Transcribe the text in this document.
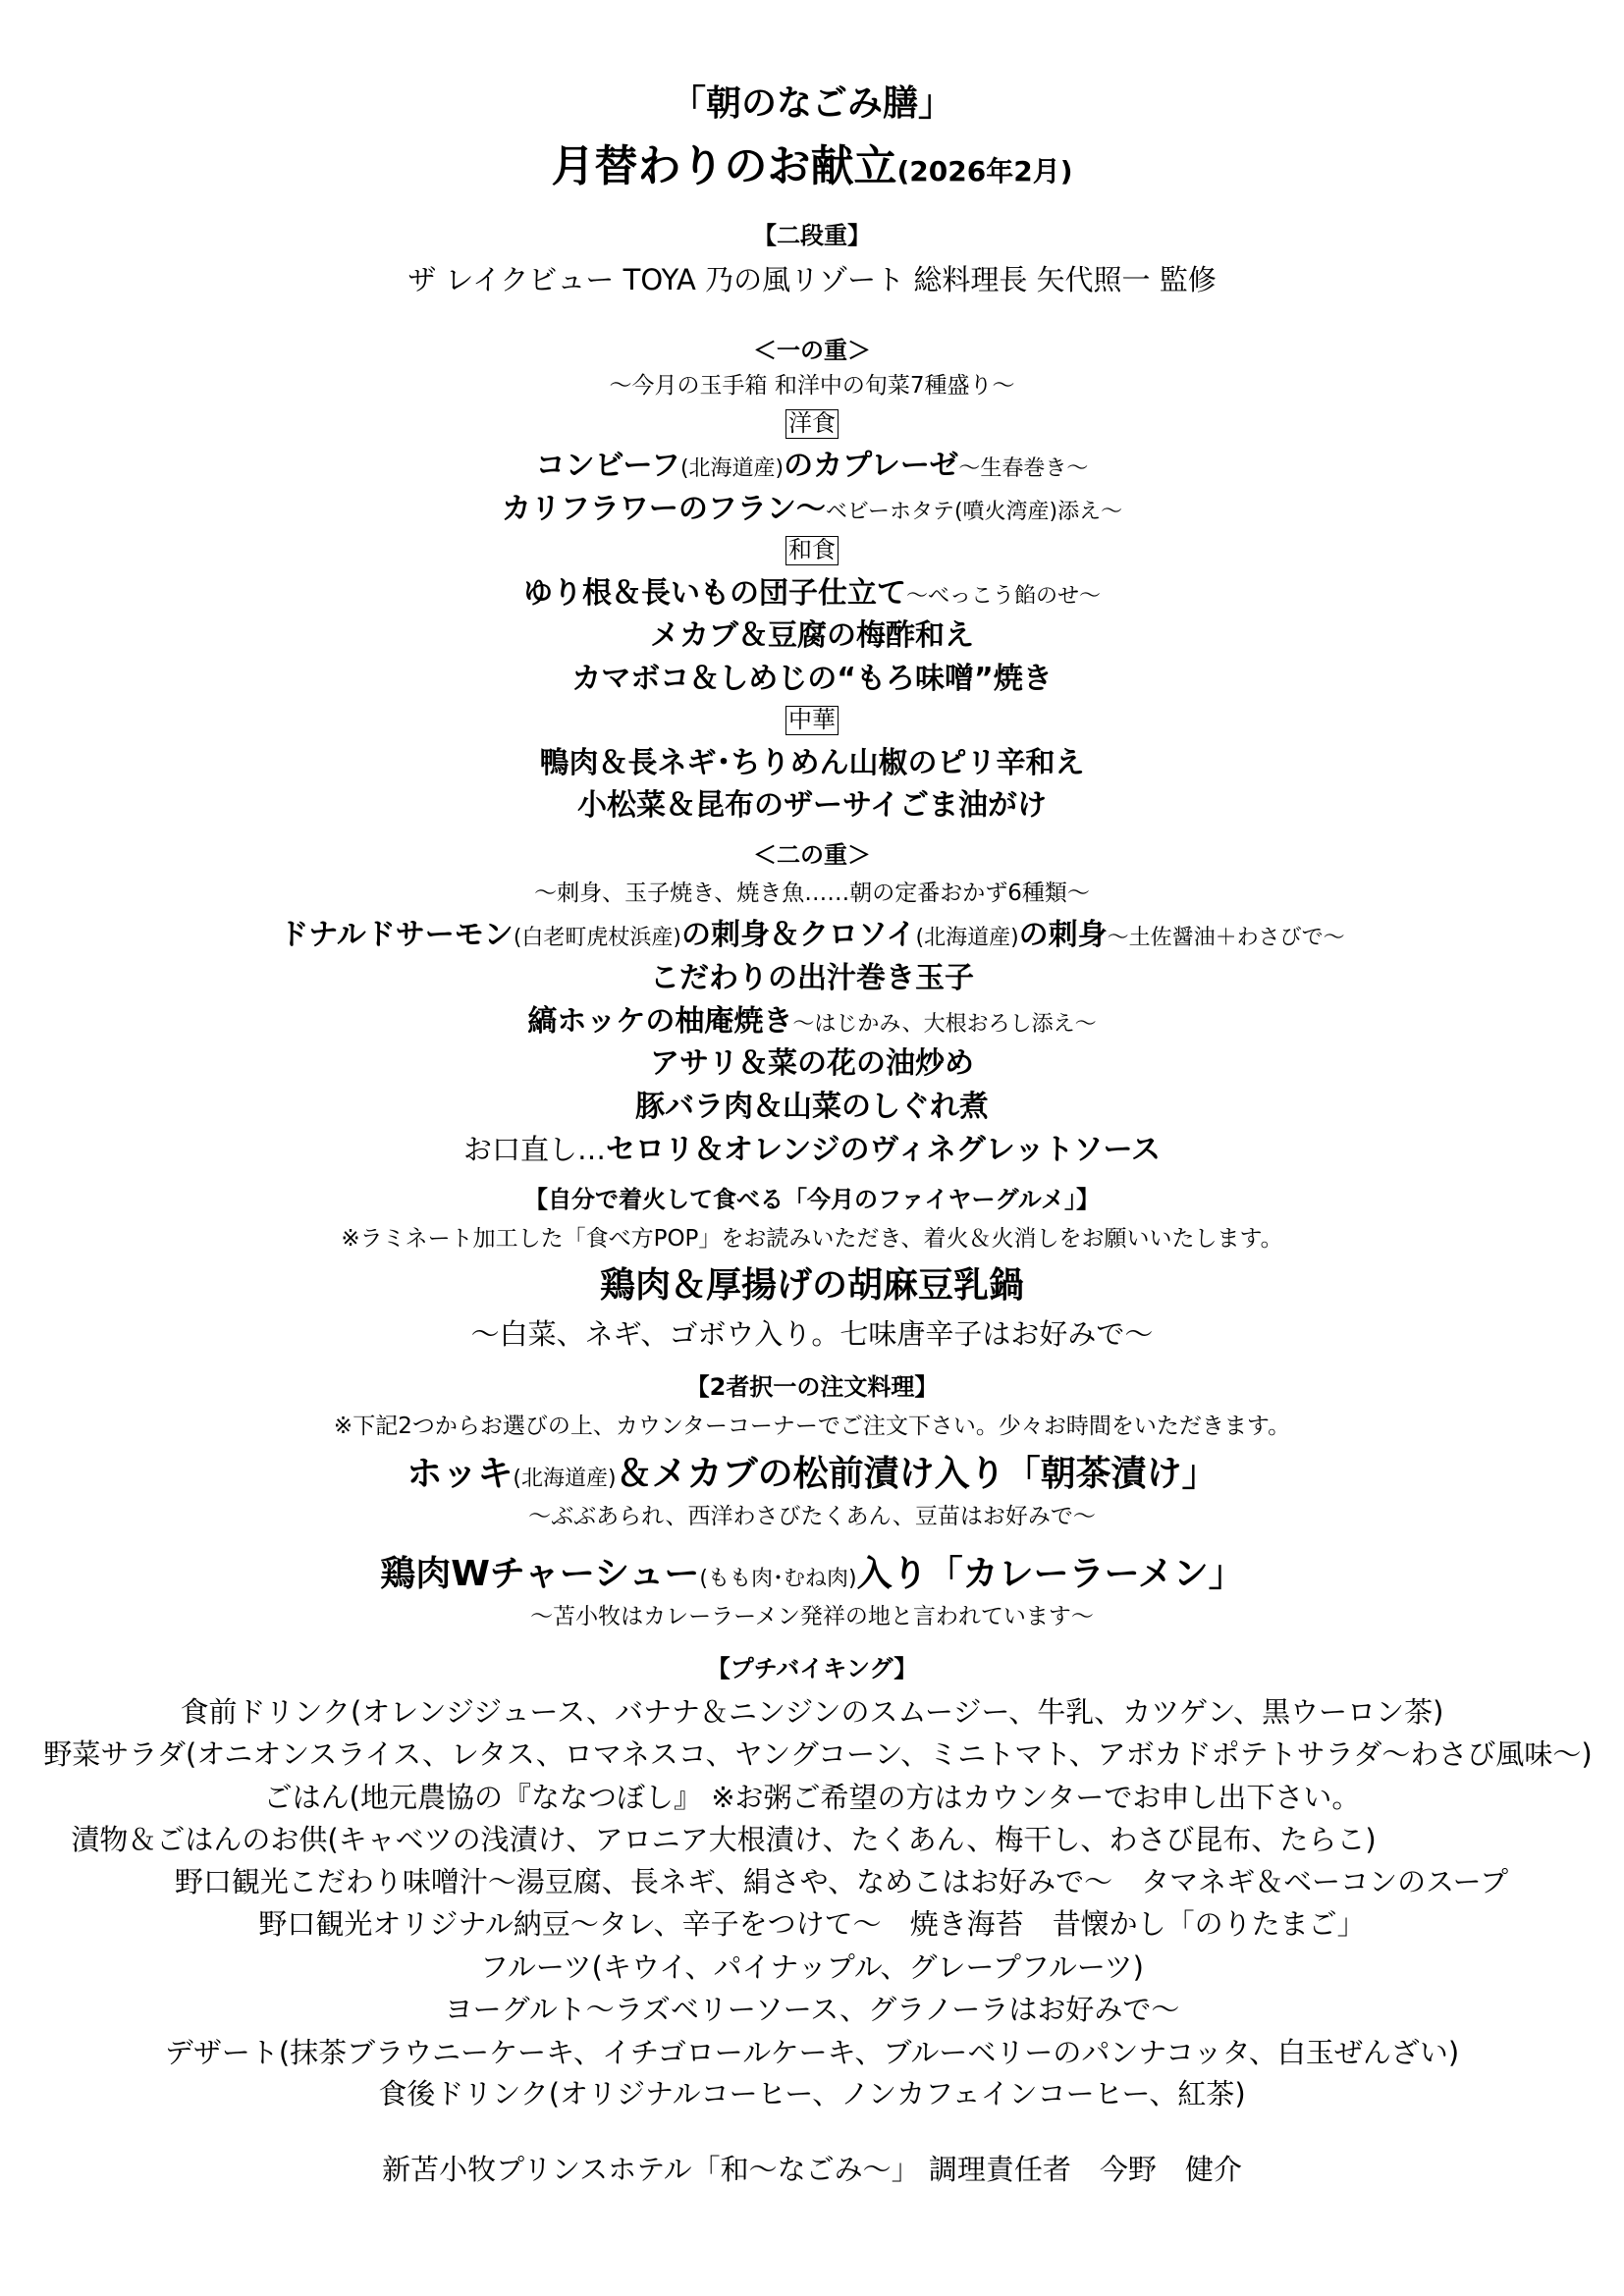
「朝のなごみ膳」
月替わりのお献立(2026年2月)
【二段重】
ザ レイクビュー TOYA 乃の風リゾート 総料理長 矢代照一 監修
＜一の重＞
～今月の玉手箱 和洋中の旬菜7種盛り～
洋食
コンビーフ(北海道産)のカプレーゼ～生春巻き～
カリフラワーのフラン～ベビーホタテ(噴火湾産)添え～
和食
ゆり根＆長いもの団子仕立て～べっこう餡のせ～
メカブ＆豆腐の梅酢和え
カマボコ＆しめじの“もろ味噌”焼き
中華
鴨肉＆長ネギ･ちりめん山椒のピリ辛和え
小松菜＆昆布のザーサイごま油がけ
＜二の重＞
～刺身、玉子焼き、焼き魚……朝の定番おかず6種類～
ドナルドサーモン(白老町虎杖浜産)の刺身＆クロソイ(北海道産)の刺身～土佐醤油＋わさびで～
こだわりの出汁巻き玉子
縞ホッケの柚庵焼き～はじかみ、大根おろし添え～
アサリ＆菜の花の油炒め
豚バラ肉＆山菜のしぐれ煮
お口直し…セロリ＆オレンジのヴィネグレットソース
【自分で着火して食べる「今月のファイヤーグルメ」】
※ラミネート加工した「食べ方POP」をお読みいただき、着火＆火消しをお願いいたします。
鶏肉＆厚揚げの胡麻豆乳鍋
～白菜、ネギ、ゴボウ入り。七味唐辛子はお好みで～
【2者択一の注文料理】
※下記2つからお選びの上、カウンターコーナーでご注文下さい。少々お時間をいただきます。
ホッキ(北海道産)＆メカブの松前漬け入り「朝茶漬け」
～ぶぶあられ、西洋わさびたくあん、豆苗はお好みで～
鶏肉Wチャーシュー(もも肉･むね肉)入り「カレーラーメン」
～苫小牧はカレーラーメン発祥の地と言われています～
【プチバイキング】
食前ドリンク(オレンジジュース、バナナ＆ニンジンのスムージー、牛乳、カツゲン、黒ウーロン茶)
野菜サラダ(オニオンスライス、レタス、ロマネスコ、ヤングコーン、ミニトマト、アボカドポテトサラダ～わさび風味～)
ごはん(地元農協の『ななつぼし』 ※お粥ご希望の方はカウンターでお申し出下さい。
漬物＆ごはんのお供(キャベツの浅漬け、アロニア大根漬け、たくあん、梅干し、わさび昆布、たらこ)
野口観光こだわり味噌汁～湯豆腐、長ネギ、絹さや、なめこはお好みで～　タマネギ＆ベーコンのスープ
野口観光オリジナル納豆～タレ、辛子をつけて～　焼き海苔　昔懐かし「のりたまご」
フルーツ(キウイ、パイナップル、グレープフルーツ)
ヨーグルト～ラズベリーソース、グラノーラはお好みで～
デザート(抹茶ブラウニーケーキ、イチゴロールケーキ、ブルーベリーのパンナコッタ、白玉ぜんざい)
食後ドリンク(オリジナルコーヒー、ノンカフェインコーヒー、紅茶)
新苫小牧プリンスホテル「和～なごみ～」 調理責任者　今野　健介
